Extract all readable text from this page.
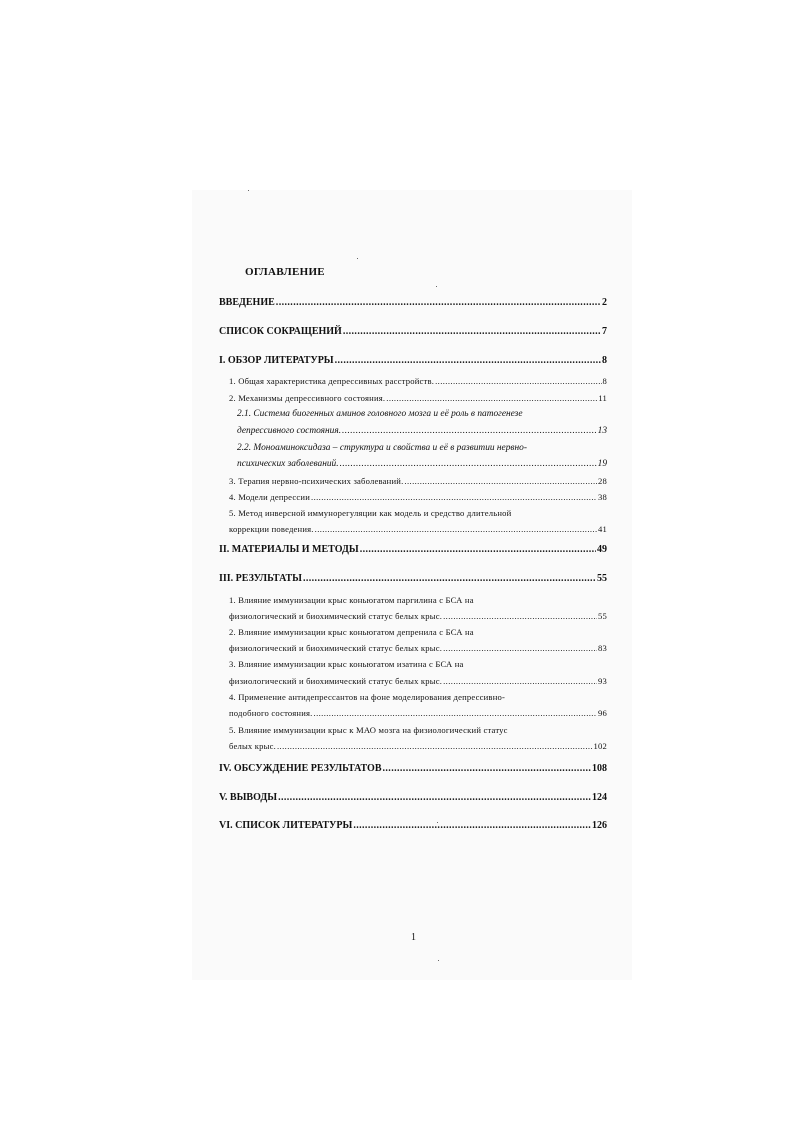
ОГЛАВЛЕНИЕ
ВВЕДЕНИЕ .....	2
СПИСОК СОКРАЩЕНИЙ .....	7
I. ОБЗОР ЛИТЕРАТУРЫ .....	8
1. Общая характеристика депрессивных расстройств. .....	8
2. Механизмы депрессивного состояния. .....	11
2.1. Система биогенных аминов головного мозга и её роль в патогенезе
депрессивного состояния. .....	13
2.2. Моноаминоксидаза – структура и свойства и её в развитии нервно-
психических заболеваний. .....	19
3. Терапия нервно-психических заболеваний. .....	28
4. Модели депрессии .....	38
5. Метод инверсной иммунорегуляции как модель и средство длительной
коррекции поведения. .....	41
II. МАТЕРИАЛЫ И МЕТОДЫ .....	49
III. РЕЗУЛЬТАТЫ .....	55
1. Влияние иммунизации крыс коньюгатом паргилина с БСА на
физиологический и биохимический статус белых крыс. .....	55
2. Влияние иммунизации крыс коньюгатом депренила с БСА на
физиологический и биохимический статус белых крыс. .....	83
3. Влияние иммунизации крыс коньюгатом изатина с БСА на
физиологический и биохимический статус белых крыс. .....	93
4. Применение антидепрессантов на фоне моделирования депрессивно-
подобного состояния. .....	96
5. Влияние иммунизации крыс к МАО мозга на физиологический статус
белых крыс. .....	102
IV. ОБСУЖДЕНИЕ РЕЗУЛЬТАТОВ .....	108
V. ВЫВОДЫ .....	124
VI. СПИСОК ЛИТЕРАТУРЫ .....	126
1
